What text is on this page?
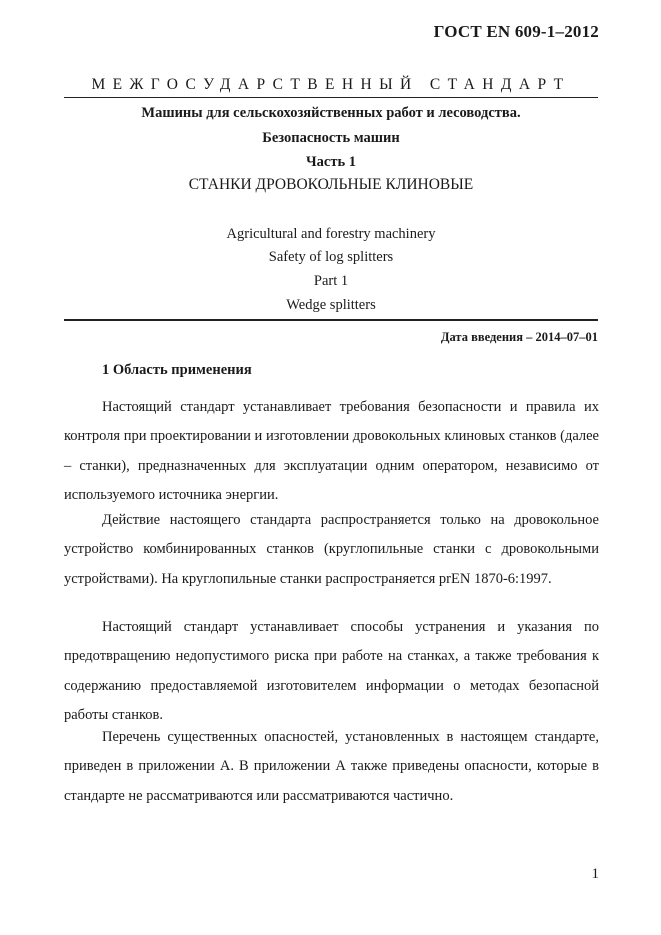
ГОСТ EN 609-1–2012
МЕЖГОСУДАРСТВЕННЫЙ СТАНДАРТ
Машины для сельскохозяйственных работ и лесоводства.
Безопасность машин
Часть 1
СТАНКИ ДРОВОКОЛЬНЫЕ КЛИНОВЫЕ
Agricultural and forestry machinery
Safety of log splitters
Part 1
Wedge splitters
Дата введения – 2014–07–01
1 Область применения

Настоящий стандарт устанавливает требования безопасности и правила их контроля при проектировании и изготовлении дровокольных клиновых станков (далее – станки), предназначенных для эксплуатации одним оператором, независимо от используемого источника энергии.

Действие настоящего стандарта распространяется только на дровокольное устройство комбинированных станков (круглопильные станки с дровокольными устройствами). На круглопильные станки распространяется prEN 1870-6:1997.

Настоящий стандарт устанавливает способы устранения и указания по предотвращению недопустимого риска при работе на станках, а также требования к содержанию предоставляемой изготовителем информации о методах безопасной работы станков.

Перечень существенных опасностей, установленных в настоящем стандарте, приведен в приложении А. В приложении А также приведены опасности, которые в стандарте не рассматриваются или рассматриваются частично.

1
